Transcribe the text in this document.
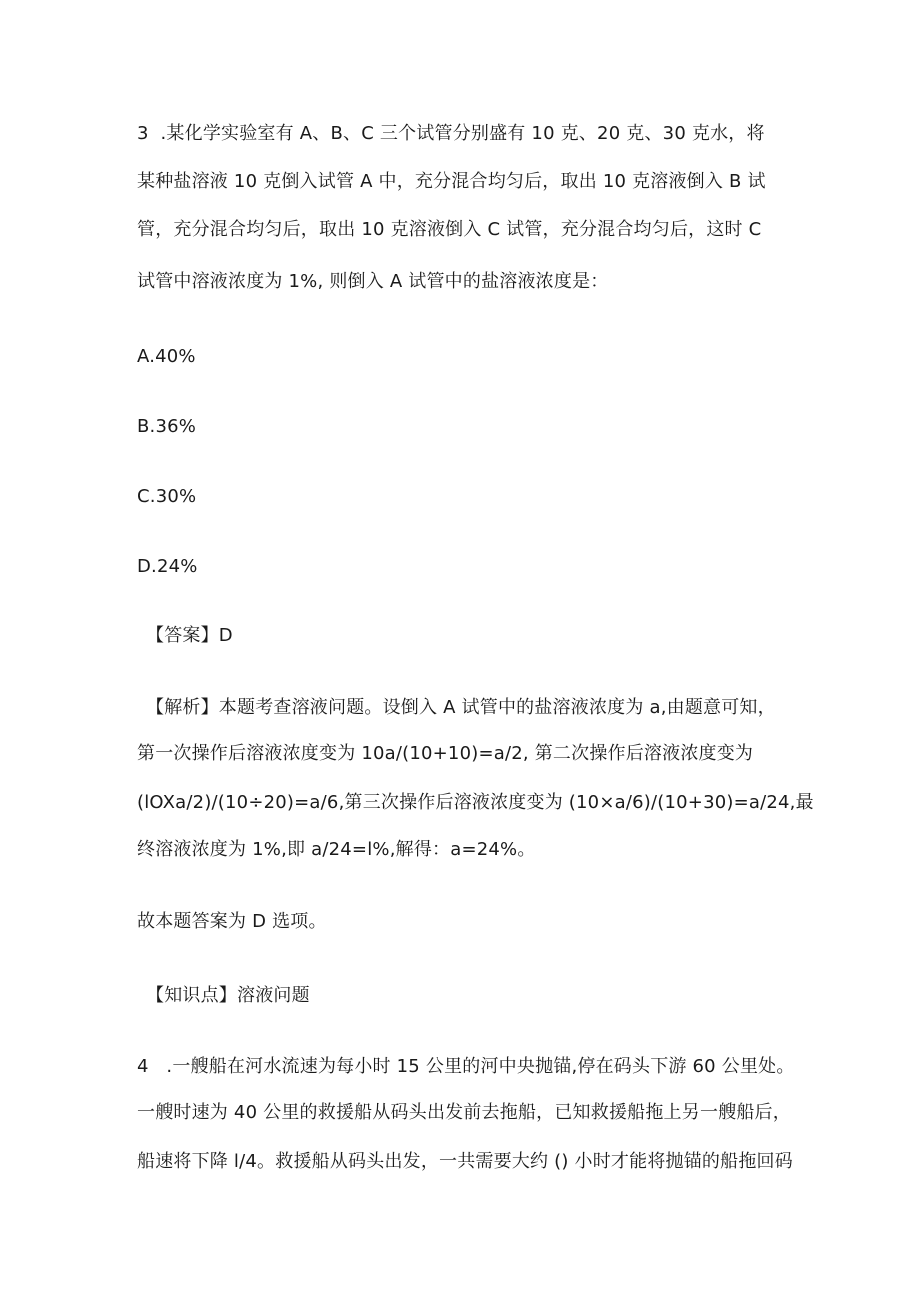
3  .某化学实验室有 A、B、C 三个试管分别盛有 10 克、20 克、30 克水，将
某种盐溶液 10 克倒入试管 A 中，充分混合均匀后，取出 10 克溶液倒入 B 试
管，充分混合均匀后，取出 10 克溶液倒入 C 试管，充分混合均匀后，这时 C
试管中溶液浓度为 1%, 则倒入 A 试管中的盐溶液浓度是：
A.40%
B.36%
C.30%
D.24%
【答案】D
【解析】本题考查溶液问题。设倒入 A 试管中的盐溶液浓度为 a,由题意可知，
第一次操作后溶液浓度变为 10a/(10+10)=a/2, 第二次操作后溶液浓度变为
(lOXa/2)/(10÷20)=a/6,第三次操作后溶液浓度变为 (10×a/6)/(10+30)=a/24,最
终溶液浓度为 1%,即 a/24=l%,解得：a=24%。
故本题答案为 D 选项。
【知识点】溶液问题
4   .一艘船在河水流速为每小时 15 公里的河中央抛锚,停在码头下游 60 公里处。
一艘时速为 40 公里的救援船从码头出发前去拖船，已知救援船拖上另一艘船后，
船速将下降 l/4。救援船从码头出发，一共需要大约 () 小时才能将抛锚的船拖回码
